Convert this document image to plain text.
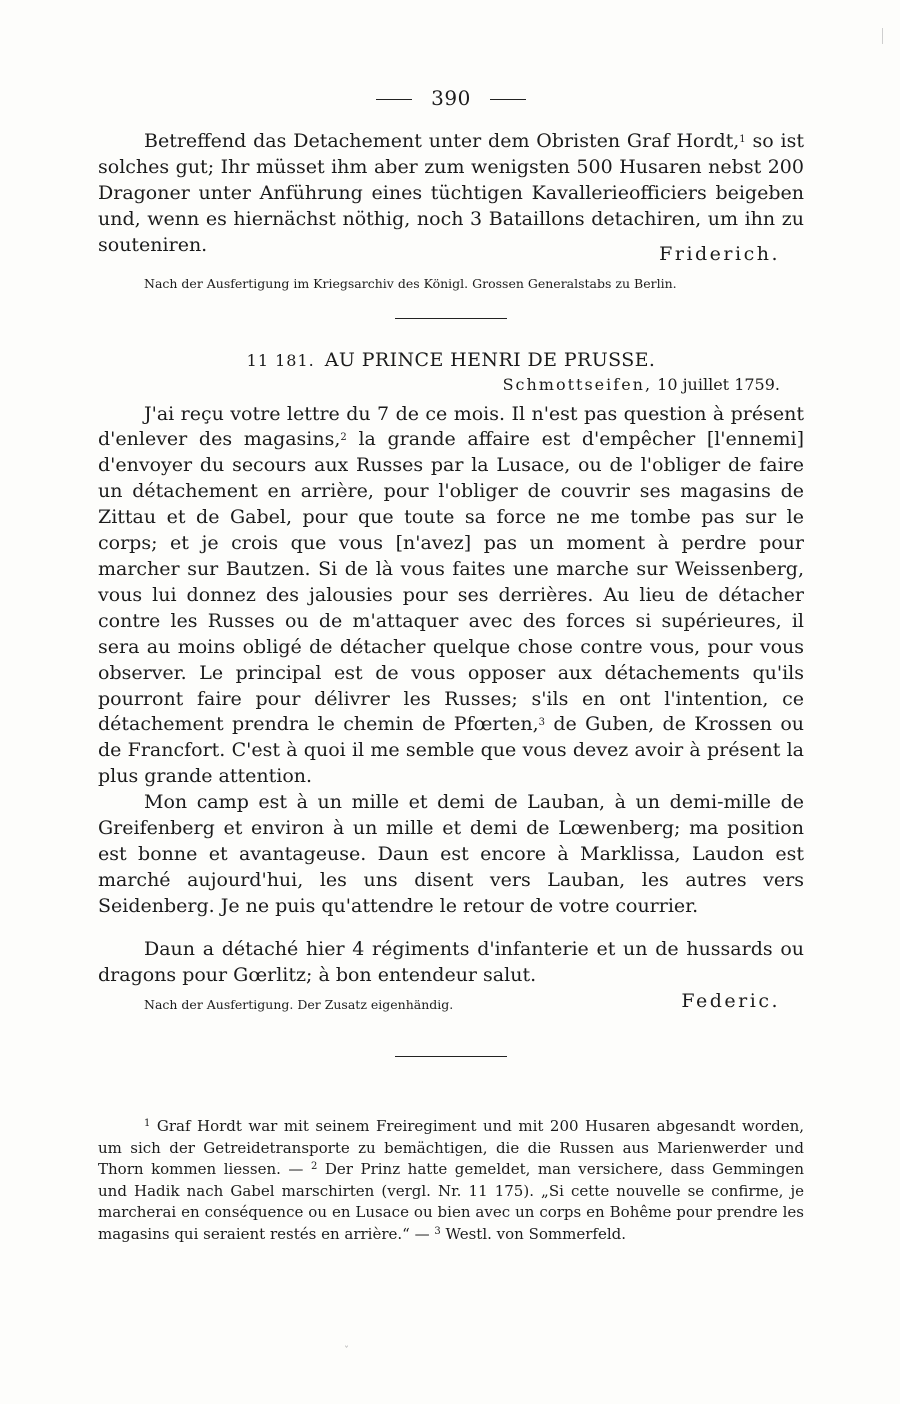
390

Betreffend das Detachement unter dem Obristen Graf Hordt,$^1$ so ist solches gut; Ihr müsset ihm aber zum wenigsten 500 Husaren nebst 200 Dragoner unter Anführung eines tüchtigen Kavallerieofficiers beigeben und, wenn es hiernächst nöthig, noch 3 Bataillons detachiren, um ihn zu souteniren.	Friderich.
Nach der Ausfertigung im Kriegsarchiv des Königl. Grossen Generalstabs zu Berlin.
11 181. AU PRINCE HENRI DE PRUSSE.
Schmottseifen, 10 juillet 1759.

J'ai reçu votre lettre du 7 de ce mois. Il n'est pas question à présent d'enlever des magasins,$^2$ la grande affaire est d'empêcher [l'ennemi] d'envoyer du secours aux Russes par la Lusace, ou de l'obliger de faire un détachement en arrière, pour l'obliger de couvrir ses magasins de Zittau et de Gabel, pour que toute sa force ne me tombe pas sur le corps; et je crois que vous [n'avez] pas un moment à perdre pour marcher sur Bautzen. Si de là vous faites une marche sur Weissenberg, vous lui donnez des jalousies pour ses derrières. Au lieu de détacher contre les Russes ou de m'attaquer avec des forces si supérieures, il sera au moins obligé de détacher quelque chose contre vous, pour vous observer. Le principal est de vous opposer aux détachements qu'ils pourront faire pour délivrer les Russes; s'ils en ont l'intention, ce détachement prendra le chemin de Pfœrten,$^3$ de Guben, de Krossen ou de Francfort. C'est à quoi il me semble que vous devez avoir à présent la plus grande attention.

Mon camp est à un mille et demi de Lauban, à un demi-mille de Greifenberg et environ à un mille et demi de Lœwenberg; ma position est bonne et avantageuse. Daun est encore à Marklissa, Laudon est marché aujourd'hui, les uns disent vers Lauban, les autres vers Seidenberg. Je ne puis qu'attendre le retour de votre courrier.

Daun a détaché hier 4 régiments d'infanterie et un de hussards ou dragons pour Gœrlitz; à bon entendeur salut.

Nach der Ausfertigung. Der Zusatz eigenhändig.	Federic.

$^1$ Graf Hordt war mit seinem Freiregiment und mit 200 Husaren abgesandt worden, um sich der Getreidetransporte zu bemächtigen, die die Russen aus Marienwerder und Thorn kommen liessen. — $^2$ Der Prinz hatte gemeldet, man versichere, dass Gemmingen und Hadik nach Gabel marschirten (vergl. Nr. 11 175). „Si cette nouvelle se confirme, je marcherai en conséquence ou en Lusace ou bien avec un corps en Bohême pour prendre les magasins qui seraient restés en arrière.“ — $^3$ Westl. von Sommerfeld.

ˇ
